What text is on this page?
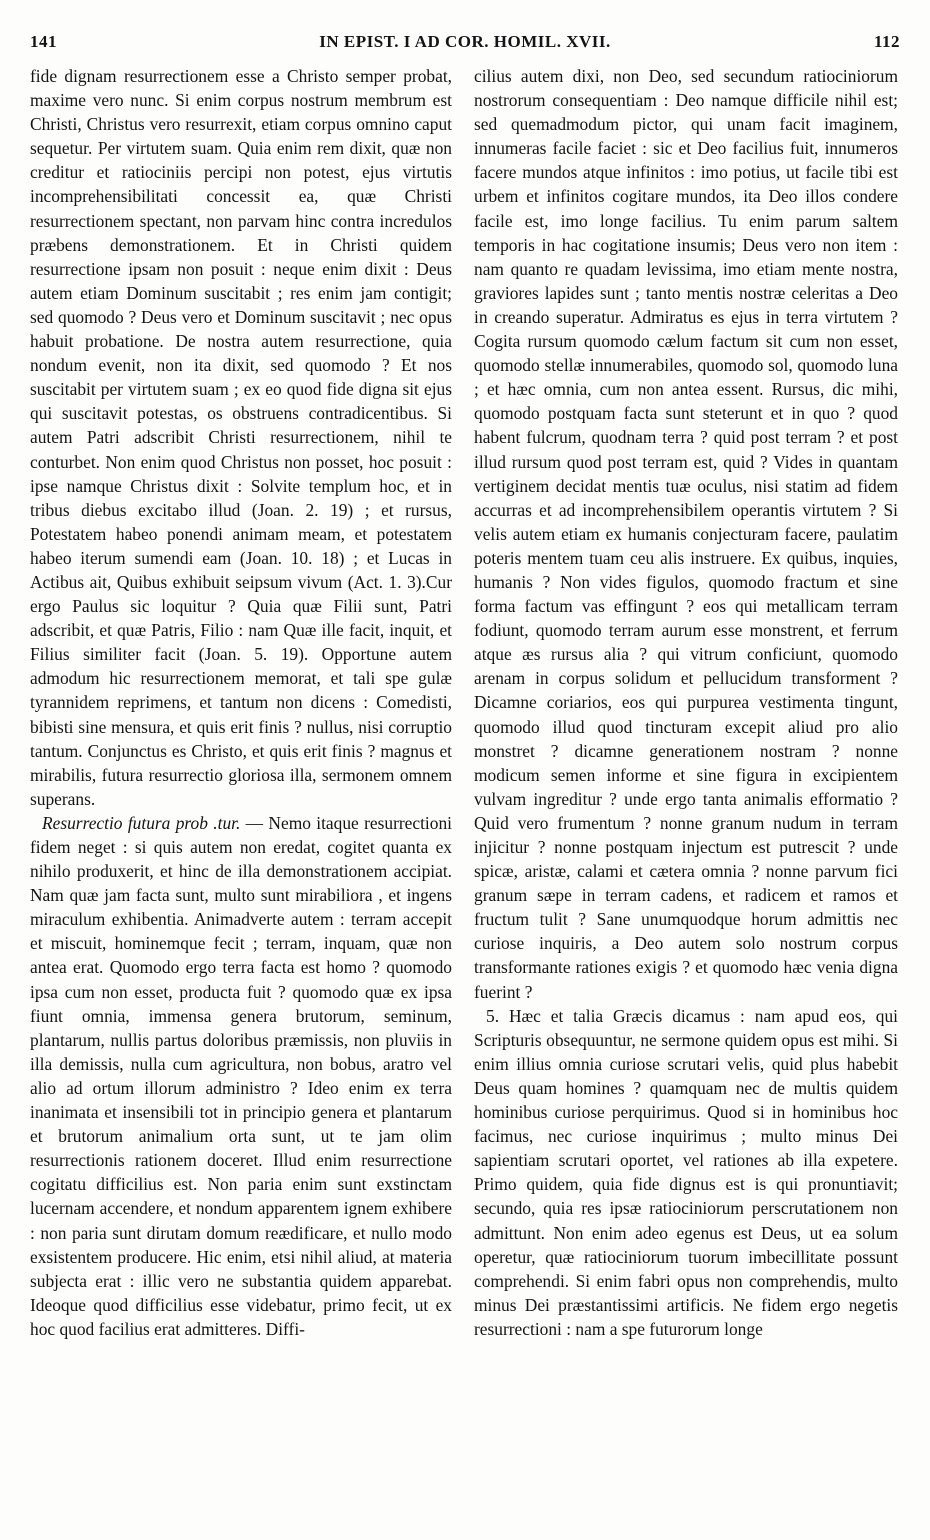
141	IN EPIST. I AD COR. HOMIL. XVII.	112

fide dignam resurrectionem esse a Christo semper probat, maxime vero nunc. Si enim corpus nostrum membrum est Christi, Christus vero resurrexit, etiam corpus omnino caput sequetur. Per virtutem suam. Quia enim rem dixit, quæ non creditur et ratiociniis percipi non potest, ejus virtutis incomprehensibilitati concessit ea, quæ Christi resurrectionem spectant, non parvam hinc contra incredulos præbens demonstrationem. Et in Christi quidem resurrectione ipsam non posuit : neque enim dixit : Deus autem etiam Dominum suscitabit ; res enim jam contigit; sed quomodo ? Deus vero et Dominum suscitavit ; nec opus habuit probatione. De nostra autem resurrectione, quia nondum evenit, non ita dixit, sed quomodo ? Et nos suscitabit per virtutem suam ; ex eo quod fide digna sit ejus qui suscitavit potestas, os obstruens contradicentibus. Si autem Patri adscribit Christi resurrectionem, nihil te conturbet. Non enim quod Christus non posset, hoc posuit : ipse namque Christus dixit : Solvite templum hoc, et in tribus diebus excitabo illud (Joan. 2. 19) ; et rursus, Potestatem habeo ponendi animam meam, et potestatem habeo iterum sumendi eam (Joan. 10. 18) ; et Lucas in Actibus ait, Quibus exhibuit seipsum vivum (Act. 1. 3).Cur ergo Paulus sic loquitur ? Quia quæ Filii sunt, Patri adscribit, et quæ Patris, Filio : nam Quæ ille facit, inquit, et Filius similiter facit (Joan. 5. 19). Opportune autem admodum hic resurrectionem memorat, et tali spe gulæ tyrannidem reprimens, et tantum non dicens : Comedisti, bibisti sine mensura, et quis erit finis ? nullus, nisi corruptio tantum. Conjunctus es Christo, et quis erit finis ? magnus et mirabilis, futura resurrectio gloriosa illa, sermonem omnem superans.

Resurrectio futura prob .tur. — Nemo itaque resurrectioni fidem neget : si quis autem non eredat, cogitet quanta ex nihilo produxerit, et hinc de illa demonstrationem accipiat. Nam quæ jam facta sunt, multo sunt mirabiliora , et ingens miraculum exhibentia. Animadverte autem : terram accepit et miscuit, hominemque fecit ; terram, inquam, quæ non antea erat. Quomodo ergo terra facta est homo ? quomodo ipsa cum non esset, producta fuit ? quomodo quæ ex ipsa fiunt omnia, immensa genera brutorum, seminum, plantarum, nullis partus doloribus præmissis, non pluviis in illa demissis, nulla cum agricultura, non bobus, aratro vel alio ad ortum illorum administro ? Ideo enim ex terra inanimata et insensibili tot in principio genera et plantarum et brutorum animalium orta sunt, ut te jam olim resurrectionis rationem doceret. Illud enim resurrectione cogitatu difficilius est. Non paria enim sunt exstinctam lucernam accendere, et nondum apparentem ignem exhibere : non paria sunt dirutam domum reædificare, et nullo modo exsistentem producere. Hic enim, etsi nihil aliud, at materia subjecta erat : illic vero ne substantia quidem apparebat. Ideoque quod difficilius esse videbatur, primo fecit, ut ex hoc quod facilius erat admitteres. Diffi-

cilius autem dixi, non Deo, sed secundum ratiociniorum nostrorum consequentiam : Deo namque difficile nihil est; sed quemadmodum pictor, qui unam facit imaginem, innumeras facile faciet : sic et Deo facilius fuit, innumeros facere mundos atque infinitos : imo potius, ut facile tibi est urbem et infinitos cogitare mundos, ita Deo illos condere facile est, imo longe facilius. Tu enim parum saltem temporis in hac cogitatione insumis; Deus vero non item : nam quanto re quadam levissima, imo etiam mente nostra, graviores lapides sunt ; tanto mentis nostræ celeritas a Deo in creando superatur. Admiratus es ejus in terra virtutem ? Cogita rursum quomodo cælum factum sit cum non esset, quomodo stellæ innumerabiles, quomodo sol, quomodo luna ; et hæc omnia, cum non antea essent. Rursus, dic mihi, quomodo postquam facta sunt steterunt et in quo ? quod habent fulcrum, quodnam terra ? quid post terram ? et post illud rursum quod post terram est, quid ? Vides in quantam vertiginem decidat mentis tuæ oculus, nisi statim ad fidem accurras et ad incomprehensibilem operantis virtutem ? Si velis autem etiam ex humanis conjecturam facere, paulatim poteris mentem tuam ceu alis instruere. Ex quibus, inquies, humanis ? Non vides figulos, quomodo fractum et sine forma factum vas effingunt ? eos qui metallicam terram fodiunt, quomodo terram aurum esse monstrent, et ferrum atque æs rursus alia ? qui vitrum conficiunt, quomodo arenam in corpus solidum et pellucidum transforment ? Dicamne coriarios, eos qui purpurea vestimenta tingunt, quomodo illud quod tincturam excepit aliud pro alio monstret ? dicamne generationem nostram ? nonne modicum semen informe et sine figura in excipientem vulvam ingreditur ? unde ergo tanta animalis efformatio ? Quid vero frumentum ? nonne granum nudum in terram injicitur ? nonne postquam injectum est putrescit ? unde spicæ, aristæ, calami et cætera omnia ? nonne parvum fici granum sæpe in terram cadens, et radicem et ramos et fructum tulit ? Sane unumquodque horum admittis nec curiose inquiris, a Deo autem solo nostrum corpus transformante rationes exigis ? et quomodo hæc venia digna fuerint ?

5. Hæc et talia Græcis dicamus : nam apud eos, qui Scripturis obsequuntur, ne sermone quidem opus est mihi. Si enim illius omnia curiose scrutari velis, quid plus habebit Deus quam homines ? quamquam nec de multis quidem hominibus curiose perquirimus. Quod si in hominibus hoc facimus, nec curiose inquirimus ; multo minus Dei sapientiam scrutari oportet, vel rationes ab illa expetere. Primo quidem, quia fide dignus est is qui pronuntiavit; secundo, quia res ipsæ ratiociniorum perscrutationem non admittunt. Non enim adeo egenus est Deus, ut ea solum operetur, quæ ratiociniorum tuorum imbecillitate possunt comprehendi. Si enim fabri opus non comprehendis, multo minus Dei præstantissimi artificis. Ne fidem ergo negetis resurrectioni : nam a spe futurorum longe
